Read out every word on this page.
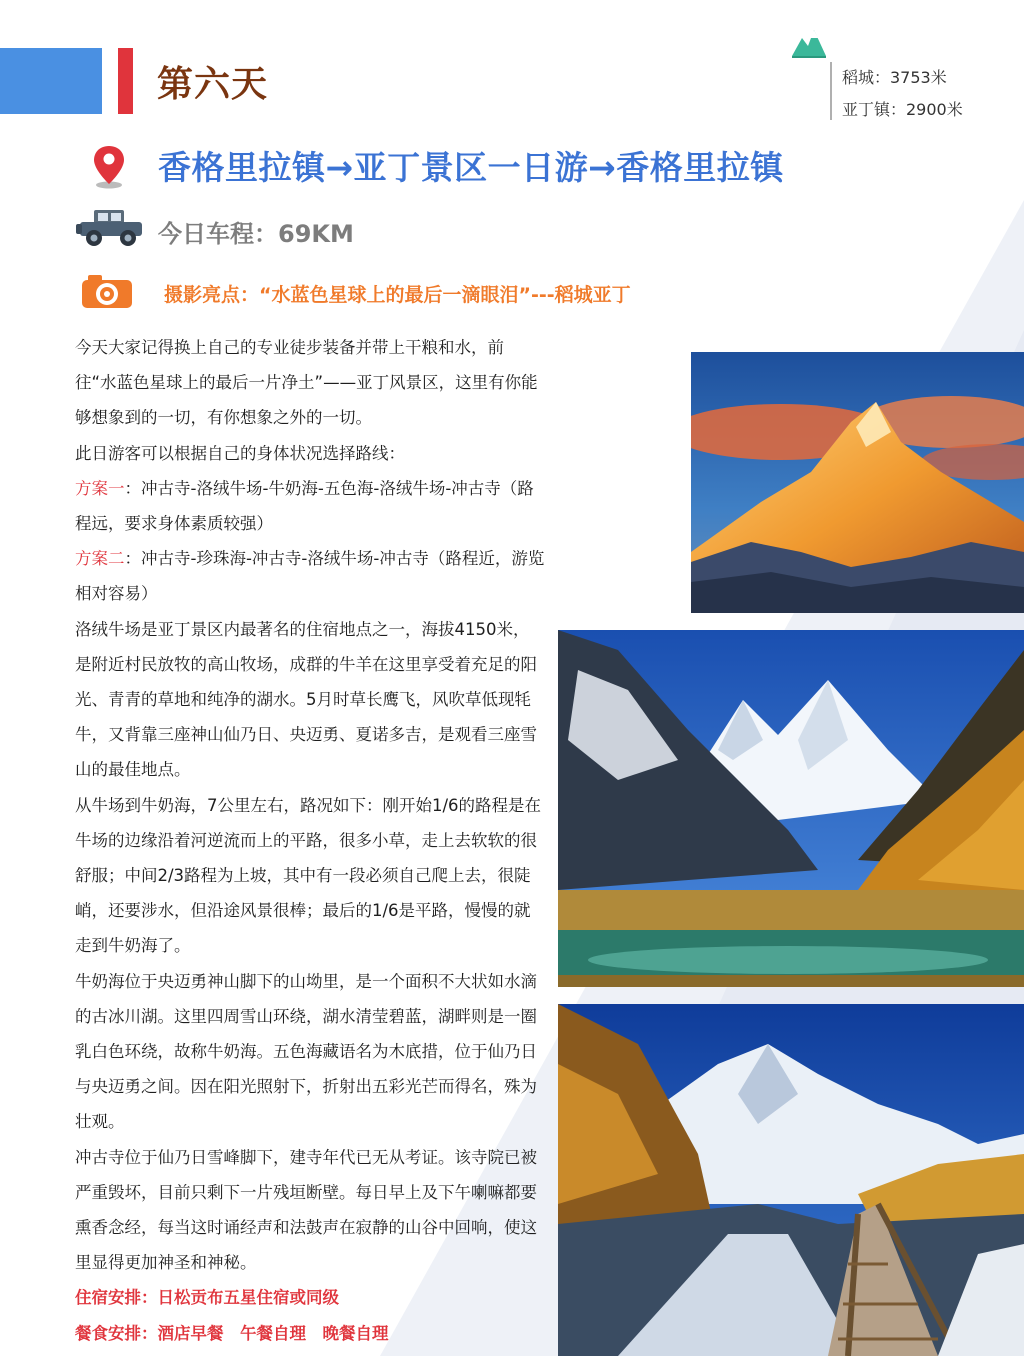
第六天	稻城：3753米
亚丁镇：2900米
香格里拉镇→亚丁景区一日游→香格里拉镇
今日车程：69KM
摄影亮点：“水蓝色星球上的最后一滴眼泪”---稻城亚丁

今天大家记得换上自己的专业徒步装备并带上干粮和水，前往“水蓝色星球上的最后一片净土”——亚丁风景区，这里有你能够想象到的一切，有你想象之外的一切。

此日游客可以根据自己的身体状况选择路线：

方案一：冲古寺-洛绒牛场-牛奶海-五色海-洛绒牛场-冲古寺（路程远，要求身体素质较强）

方案二：冲古寺-珍珠海-冲古寺-洛绒牛场-冲古寺（路程近，游览相对容易）

洛绒牛场是亚丁景区内最著名的住宿地点之一，海拔4150米，是附近村民放牧的高山牧场，成群的牛羊在这里享受着充足的阳光、青青的草地和纯净的湖水。5月时草长鹰飞，风吹草低现牦牛，又背靠三座神山仙乃日、央迈勇、夏诺多吉，是观看三座雪山的最佳地点。

从牛场到牛奶海，7公里左右，路况如下：刚开始1/6的路程是在牛场的边缘沿着河逆流而上的平路，很多小草，走上去软软的很舒服；中间2/3路程为上坡，其中有一段必须自己爬上去，很陡峭，还要涉水，但沿途风景很棒；最后的1/6是平路，慢慢的就走到牛奶海了。

牛奶海位于央迈勇神山脚下的山坳里，是一个面积不大状如水滴的古冰川湖。这里四周雪山环绕，湖水清莹碧蓝，湖畔则是一圈乳白色环绕，故称牛奶海。五色海藏语名为木底措，位于仙乃日与央迈勇之间。因在阳光照射下，折射出五彩光芒而得名，殊为壮观。

冲古寺位于仙乃日雪峰脚下，建寺年代已无从考证。该寺院已被严重毁坏，目前只剩下一片残垣断壁。每日早上及下午喇嘛都要熏香念经，每当这时诵经声和法鼓声在寂静的山谷中回响，使这里显得更加神圣和神秘。

住宿安排：日松贡布五星住宿或同级

餐食安排：酒店早餐　午餐自理　晚餐自理
